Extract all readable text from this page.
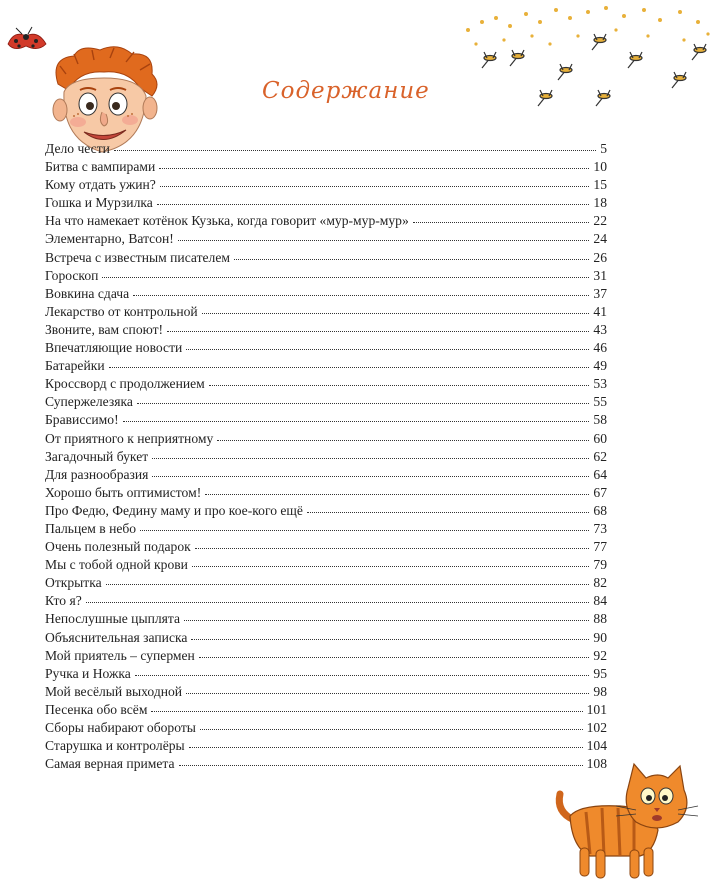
Содержание
Дело чести	5
Битва с вампирами	10
Кому отдать ужин?	15
Гошка и Мурзилка	18
На что намекает котёнок Кузька, когда говорит «мур-мур-мур»	22
Элементарно, Ватсон!	24
Встреча с известным писателем	26
Гороскоп	31
Вовкина сдача	37
Лекарство от контрольной	41
Звоните, вам споют!	43
Впечатляющие новости	46
Батарейки	49
Кроссворд с продолжением	53
Супержелезяка	55
Брависсимо!	58
От приятного к неприятному	60
Загадочный букет	62
Для разнообразия	64
Хорошо быть оптимистом!	67
Про Федю, Федину маму и про кое-кого ещё	68
Пальцем в небо	73
Очень полезный подарок	77
Мы с тобой одной крови	79
Открытка	82
Кто я?	84
Непослушные цыплята	88
Объяснительная записка	90
Мой приятель – супермен	92
Ручка и Ножка	95
Мой весёлый выходной	98
Песенка обо всём	101
Сборы набирают обороты	102
Старушка и контролёры	104
Самая верная примета	108
